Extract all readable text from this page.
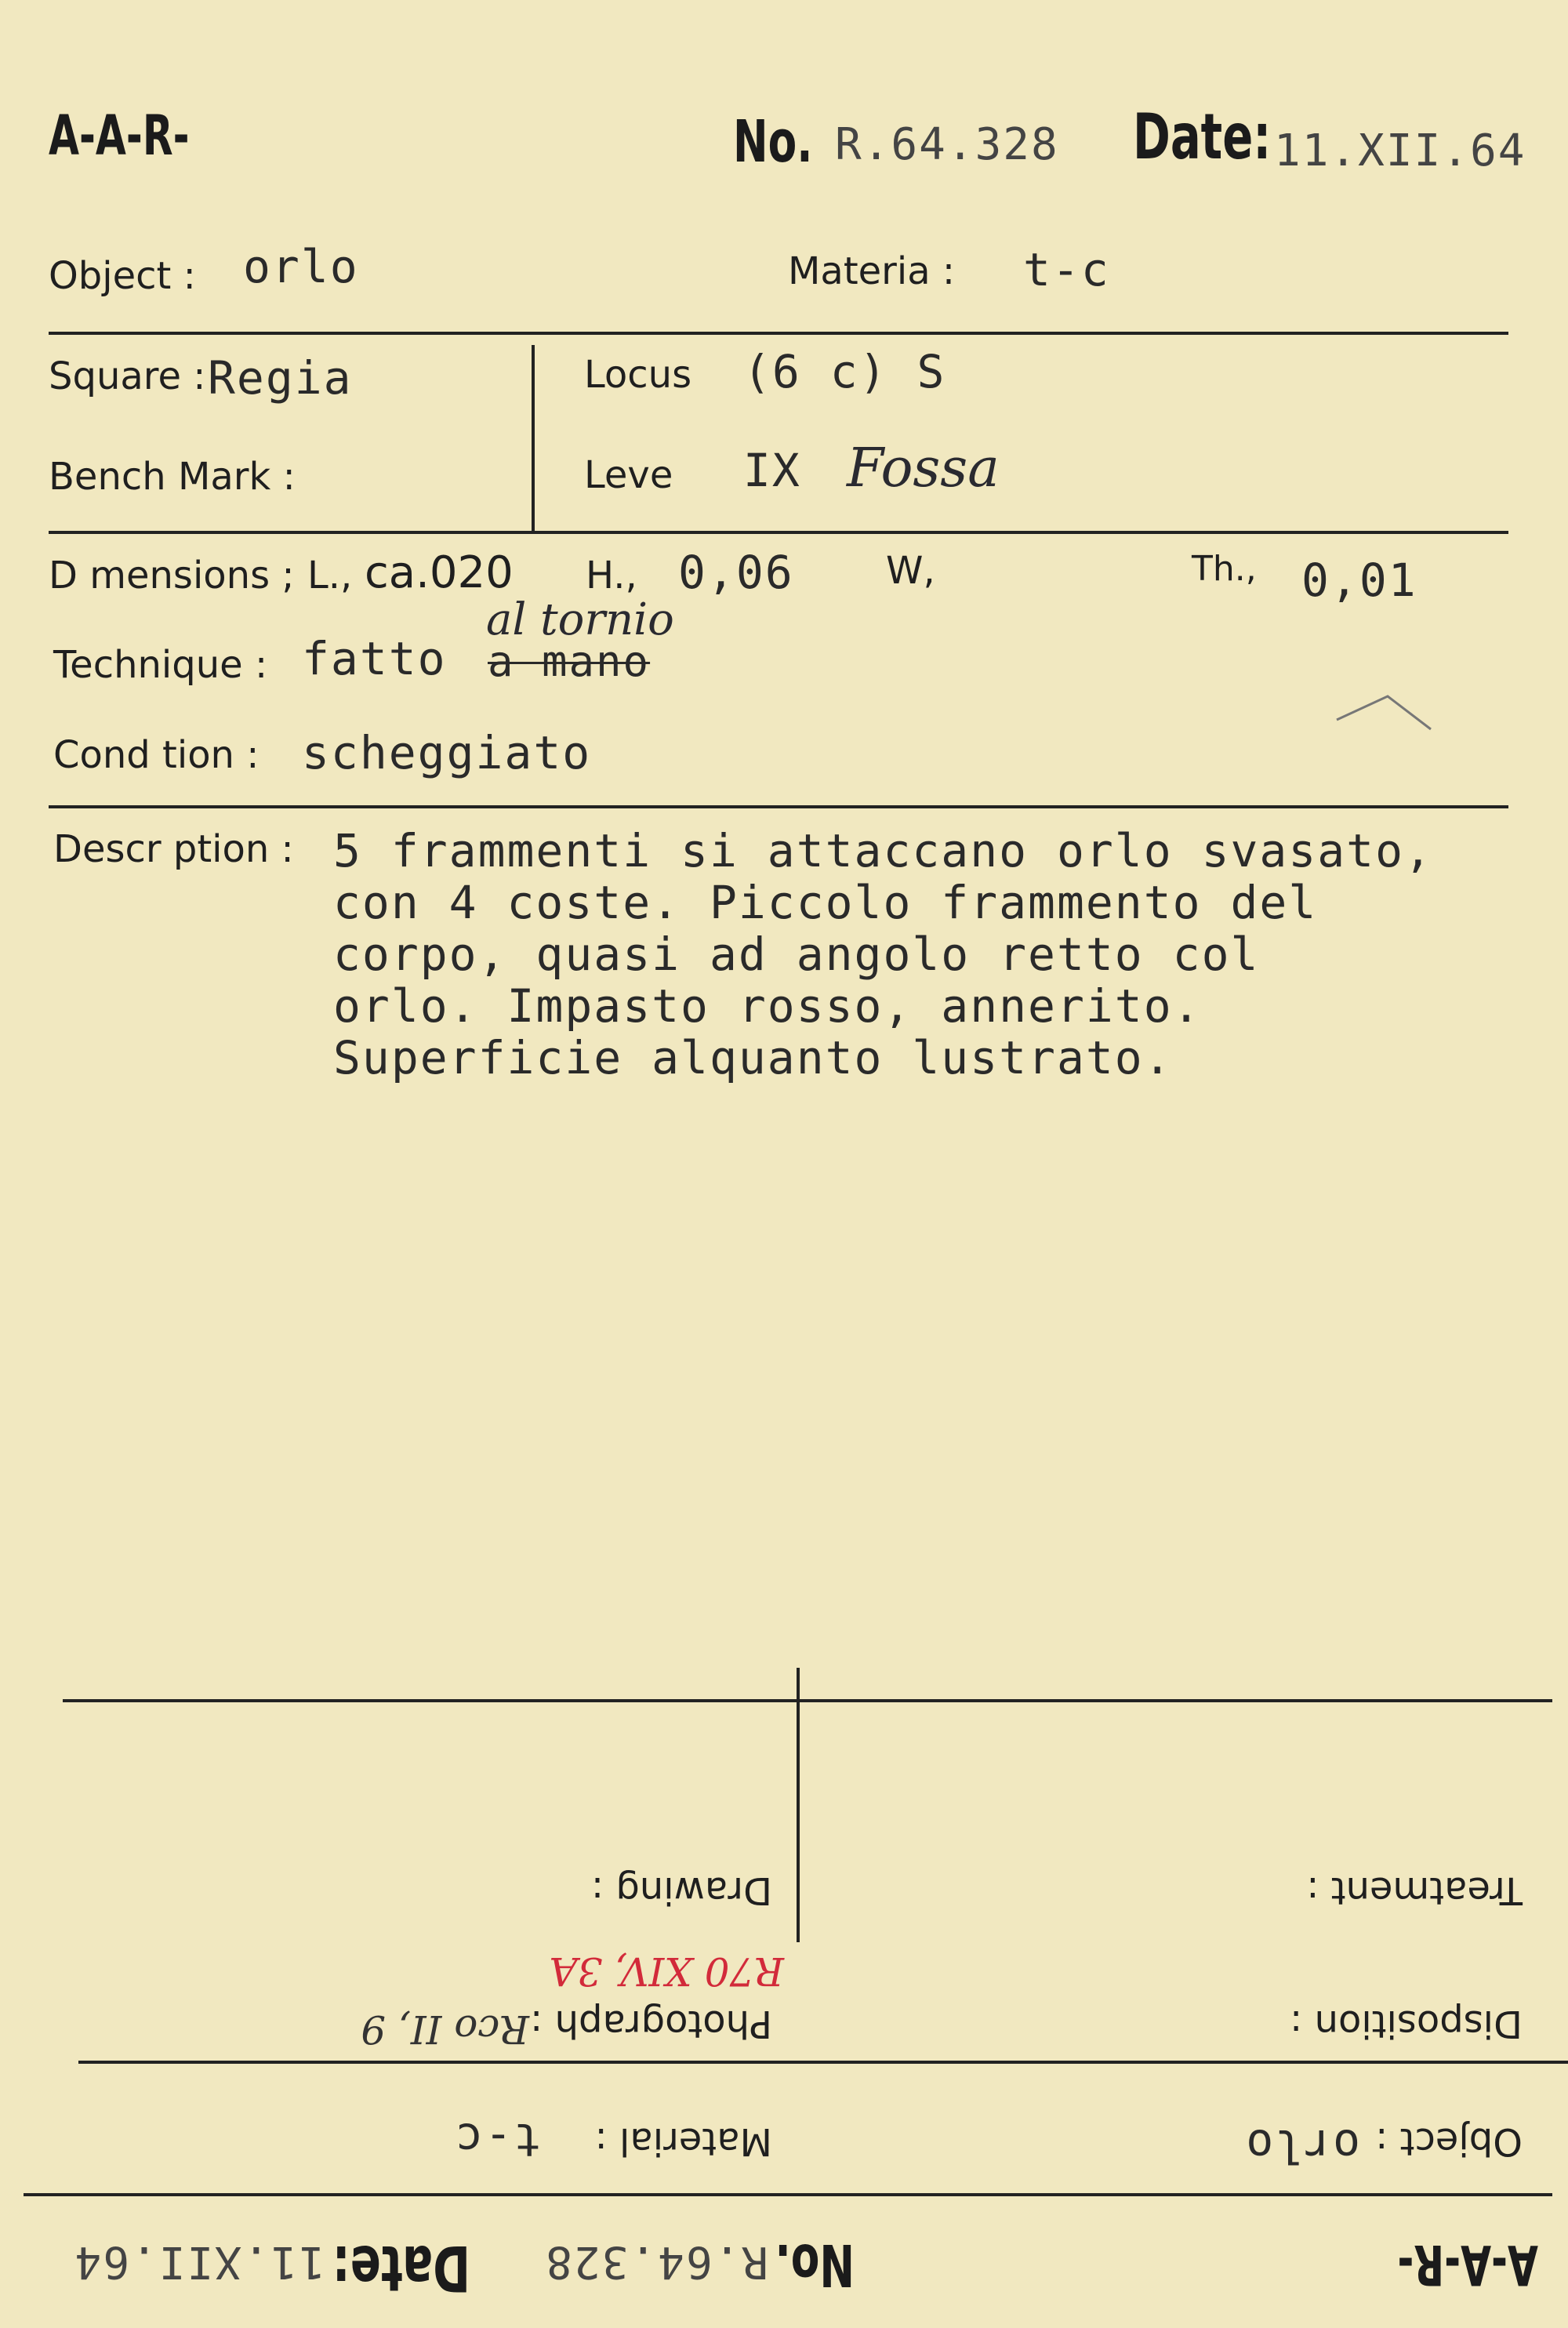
A-A-R-	No. R.64.328 Date: 11.XII.64
Object : orlo	Materia : t-c
Square : Regia
Bench Mark :
Locus (6 c) S
Leve IX Fossa
D mensions ; L., ca.020 H., 0,06 W,	Th., 0,01
Technique : fatto a mano
al tornio
Cond tion : scheggiato
Descr ption : 5 frammenti si attaccano orlo svasato,
con 4 coste. Piccolo frammento del
corpo, quasi ad angolo retto col
orlo. Impasto rosso, annerito.
Superficie alquanto lustrato.
Treatment :
Drawing :
Disposition :
Photograph :
Rco II, 9
R70 XIV, 3A
Object :
orlo
Material :
t-c
A-A-R-
No.
R.64.328
Date:
11.XII.64
